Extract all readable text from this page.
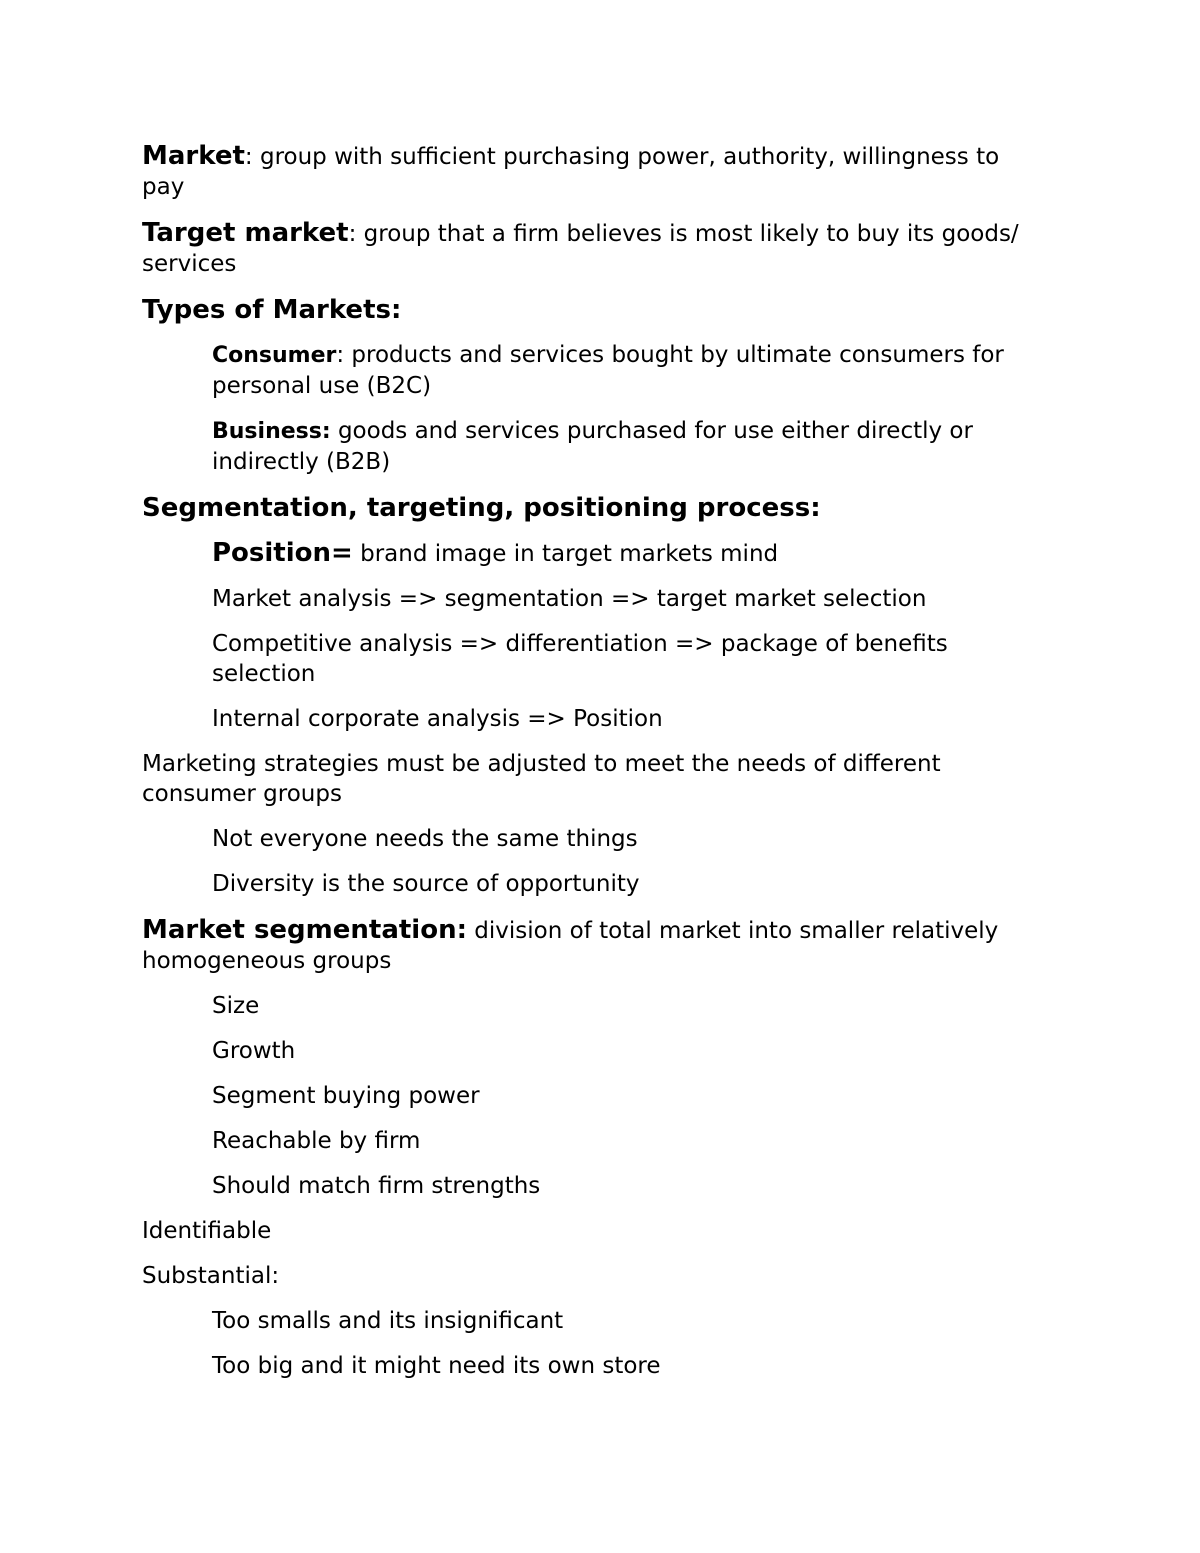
Market: group with sufficient purchasing power, authority, willingness to pay

Target market: group that a firm believes is most likely to buy its goods/ services

Types of Markets:

Consumer: products and services bought by ultimate consumers for personal use (B2C)

Business: goods and services purchased for use either directly or indirectly (B2B)

Segmentation, targeting, positioning process:

Position= brand image in target markets mind

Market analysis => segmentation => target market selection

Competitive analysis => differentiation => package of benefits selection

Internal corporate analysis => Position

Marketing strategies must be adjusted to meet the needs of different consumer groups

Not everyone needs the same things

Diversity is the source of opportunity

Market segmentation: division of total market into smaller relatively homogeneous groups

Size

Growth

Segment buying power

Reachable by firm

Should match firm strengths

Identifiable

Substantial:

Too smalls and its insignificant

Too big and it might need its own store
